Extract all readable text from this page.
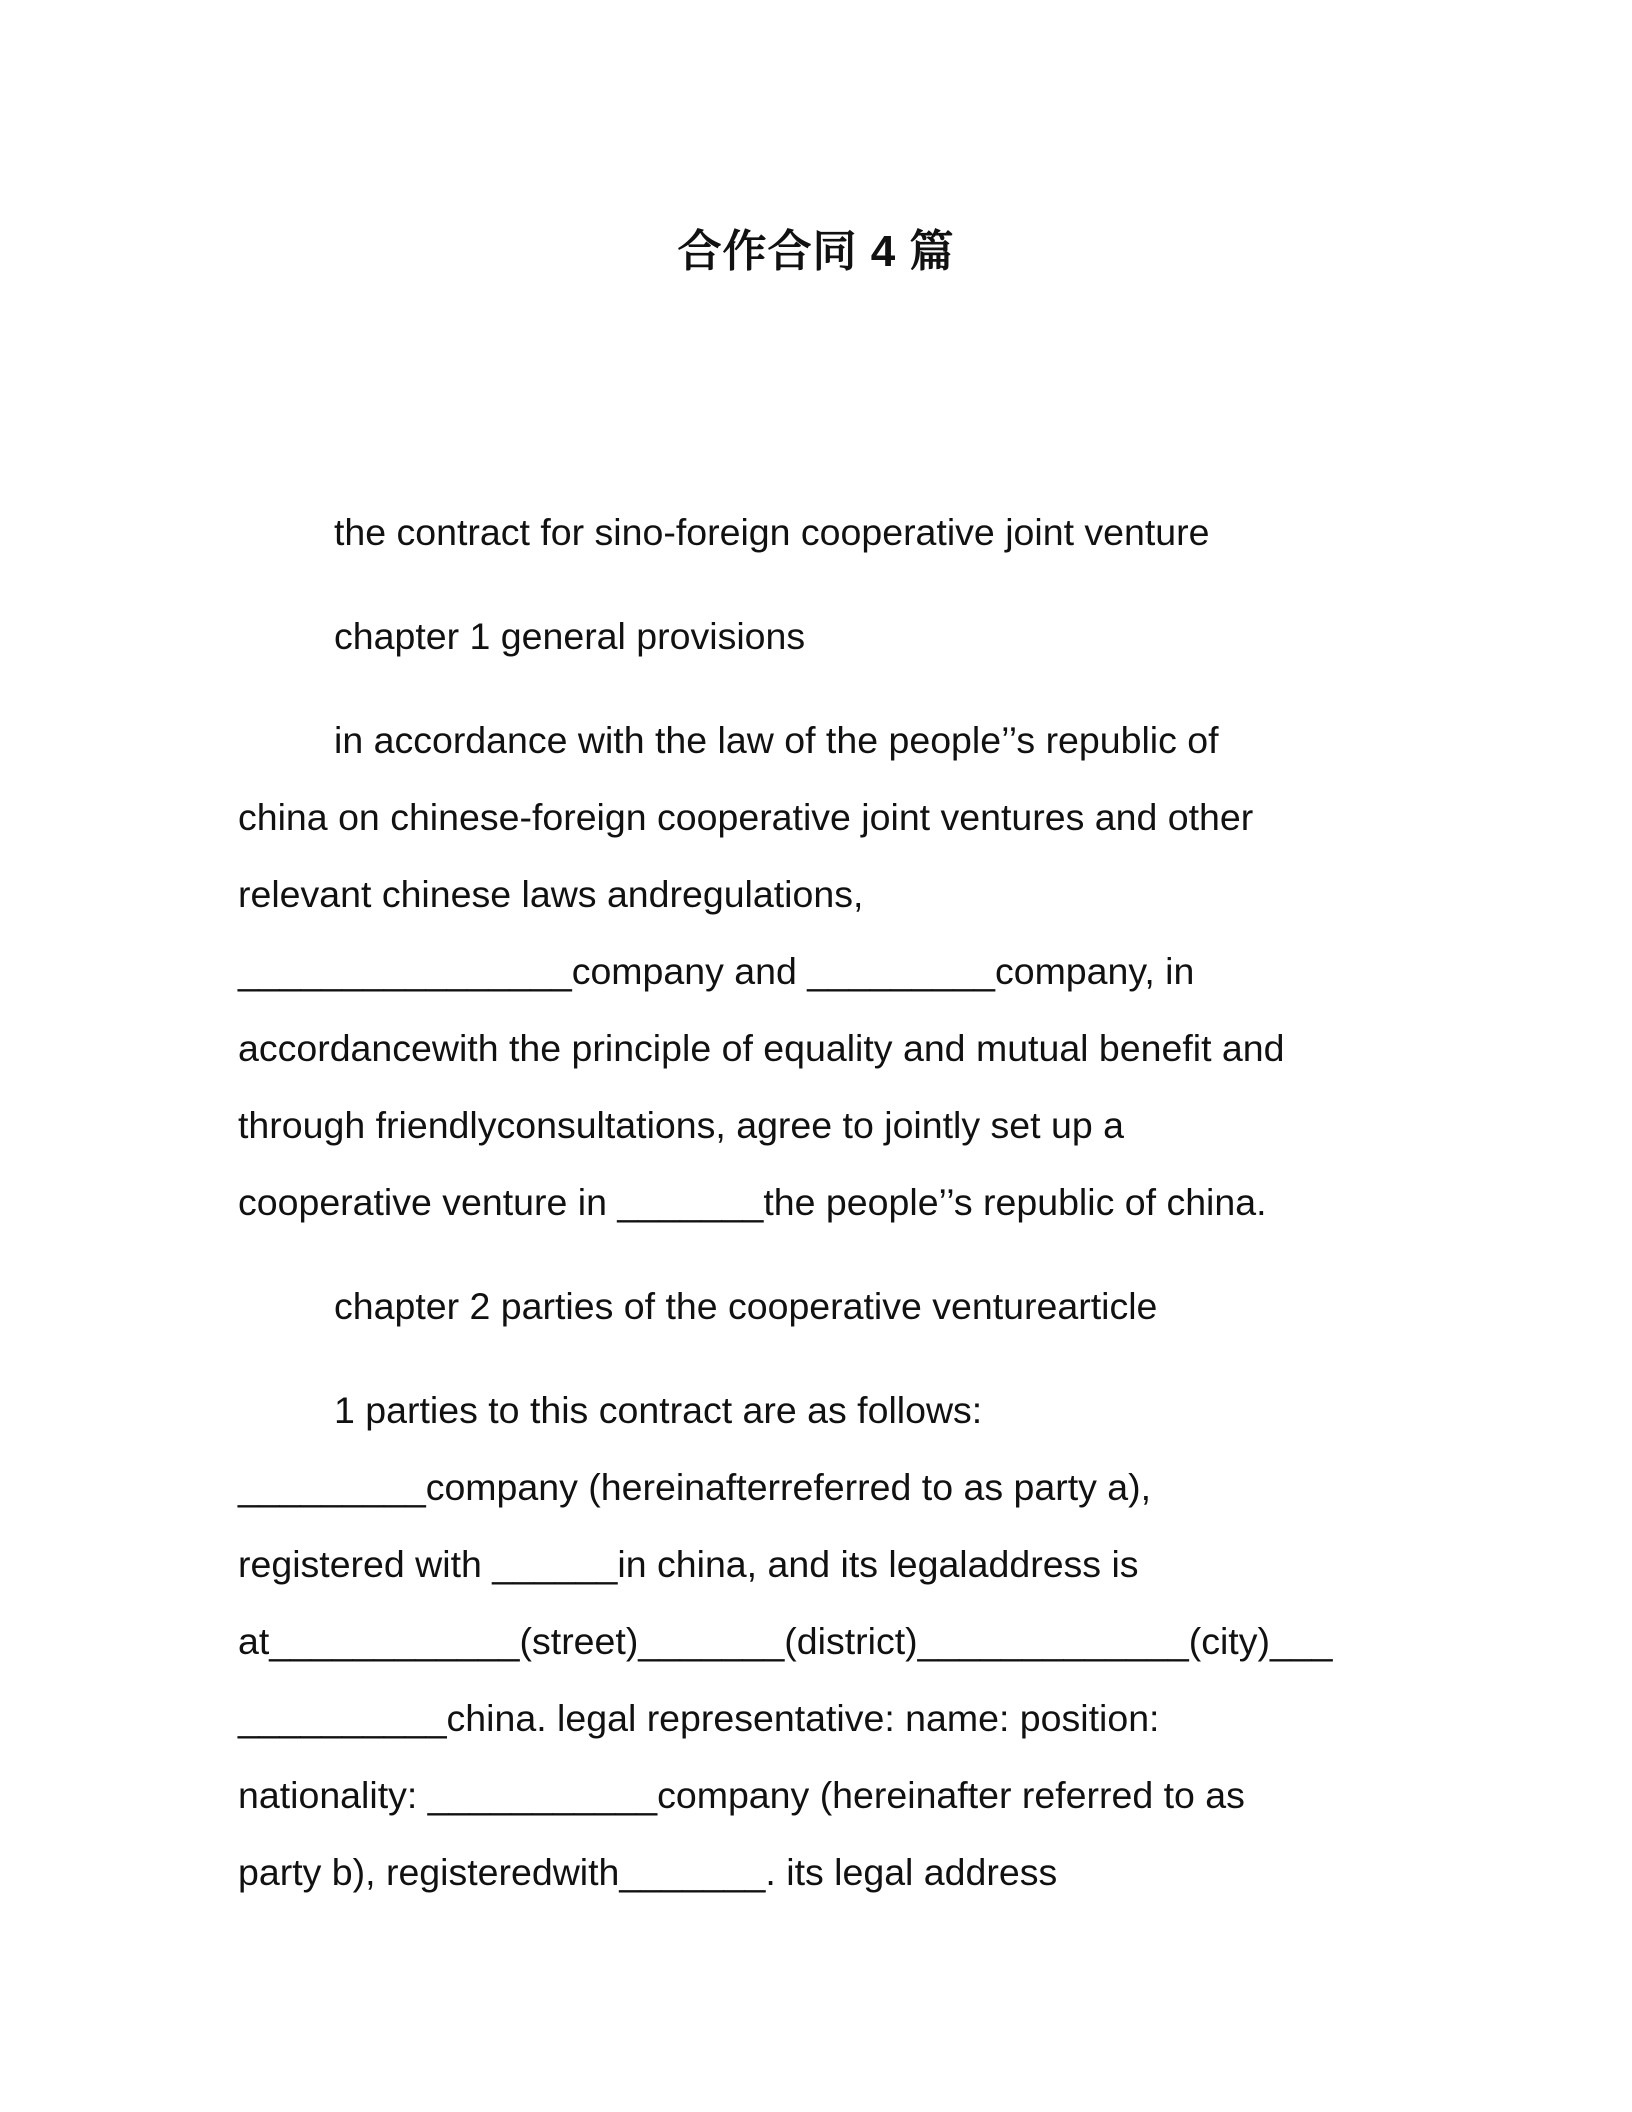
合作合同 4 篇
the contract for sino-foreign cooperative joint venture
chapter 1 general provisions
in accordance with the law of the people’’s republic of
china on chinese-foreign cooperative joint ventures and other
relevant chinese laws andregulations,
________________company and _________company, in
accordancewith the principle of equality and mutual benefit and
through friendlyconsultations, agree to jointly set up a
cooperative venture in _______the people’’s republic of china.
chapter 2 parties of the cooperative venturearticle
1 parties to this contract are as follows:
_________company (hereinafterreferred to as party a),
registered with ______in china, and its legaladdress is
at____________(street)_______(district)_____________(city)___
__________china. legal representative: name: position:
nationality: ___________company (hereinafter referred to as
party b), registeredwith_______. its legal address
